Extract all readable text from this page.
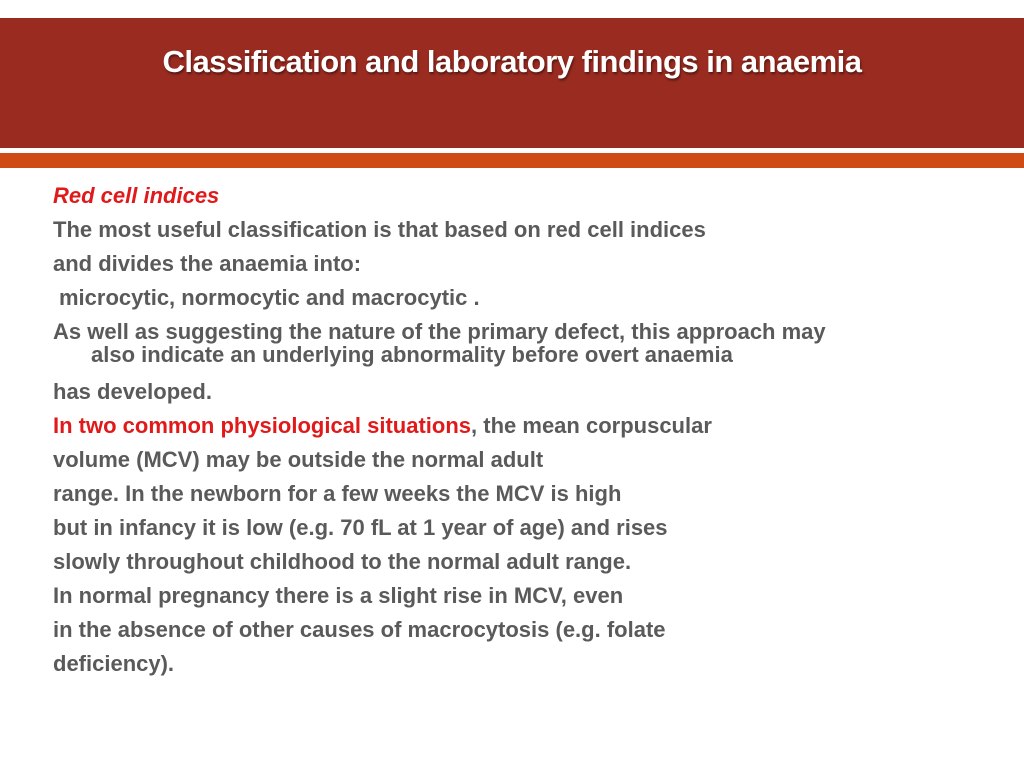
Classification and laboratory findings in anaemia
Red cell indices
The most useful classification is that based on red cell indices
and divides the anaemia into:
microcytic, normocytic and macrocytic .
As well as suggesting the nature of the primary defect, this approach may
also indicate an underlying abnormality before overt anaemia
has developed.
In two common physiological situations, the mean corpuscular
volume (MCV) may be outside the normal adult
range. In the newborn for a few weeks the MCV is high
but in infancy it is low (e.g. 70 fL at 1 year of age) and rises
slowly throughout childhood to the normal adult range.
In normal pregnancy there is a slight rise in MCV, even
in the absence of other causes of macrocytosis (e.g. folate
deficiency).
